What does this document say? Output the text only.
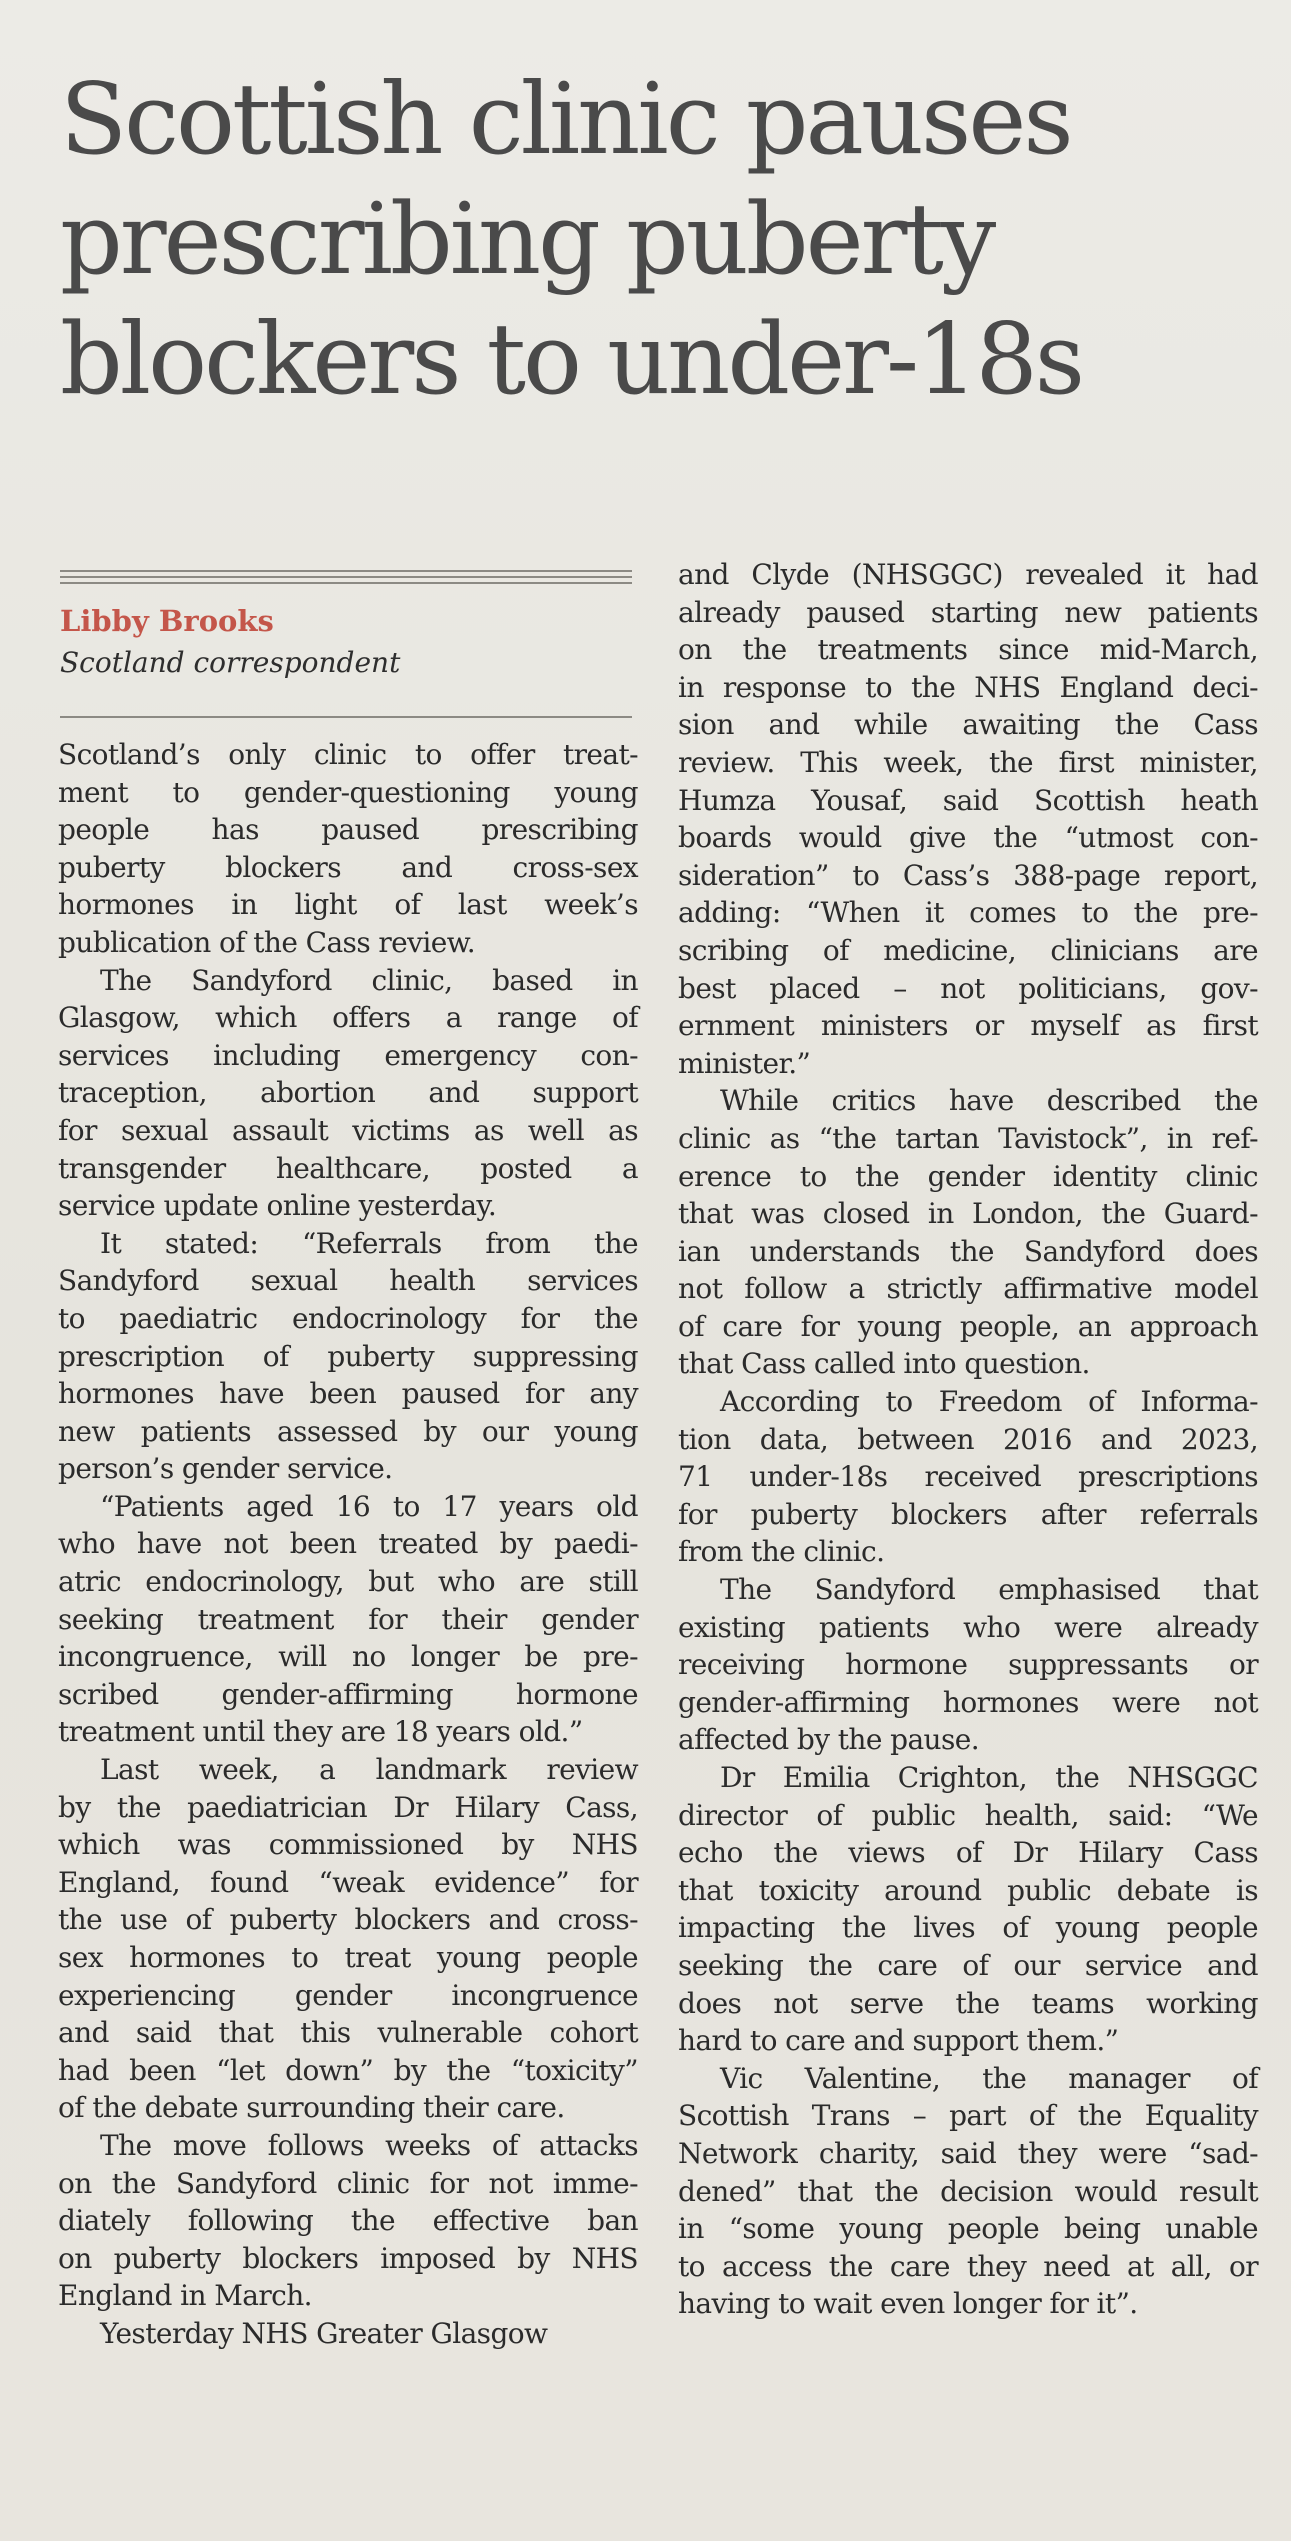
Scottish clinic pauses
prescribing puberty
blockers to under-18s
Libby Brooks
Scotland correspondent

Scotland’s only clinic to offer treat-
ment to gender-questioning young
people has paused prescribing
puberty blockers and cross-sex
hormones in light of last week’s
publication of the Cass review.

The Sandyford clinic, based in
Glasgow, which offers a range of
services including emergency con-
traception, abortion and support
for sexual assault victims as well as
transgender healthcare, posted a
service update online yesterday.

It stated: “Referrals from the
Sandyford sexual health services
to paediatric endocrinology for the
prescription of puberty suppressing
hormones have been paused for any
new patients assessed by our young
person’s gender service.

“Patients aged 16 to 17 years old
who have not been treated by paedi-
atric endocrinology, but who are still
seeking treatment for their gender
incongruence, will no longer be pre-
scribed gender-affirming hormone
treatment until they are 18 years old.”

Last week, a landmark review
by the paediatrician Dr Hilary Cass,
which was commissioned by NHS
England, found “weak evidence” for
the use of puberty blockers and cross-
sex hormones to treat young people
experiencing gender incongruence
and said that this vulnerable cohort
had been “let down” by the “toxicity”
of the debate surrounding their care.

The move follows weeks of attacks
on the Sandyford clinic for not imme-
diately following the effective ban
on puberty blockers imposed by NHS
England in March.

Yesterday NHS Greater Glasgow

and Clyde (NHSGGC) revealed it had
already paused starting new patients
on the treatments since mid-March,
in response to the NHS England deci-
sion and while awaiting the Cass
review. This week, the first minister,
Humza Yousaf, said Scottish heath
boards would give the “utmost con-
sideration” to Cass’s 388-page report,
adding: “When it comes to the pre-
scribing of medicine, clinicians are
best placed – not politicians, gov-
ernment ministers or myself as first
minister.”

While critics have described the
clinic as “the tartan Tavistock”, in ref-
erence to the gender identity clinic
that was closed in London, the Guard-
ian understands the Sandyford does
not follow a strictly affirmative model
of care for young people, an approach
that Cass called into question.

According to Freedom of Informa-
tion data, between 2016 and 2023,
71 under-18s received prescriptions
for puberty blockers after referrals
from the clinic.

The Sandyford emphasised that
existing patients who were already
receiving hormone suppressants or
gender-affirming hormones were not
affected by the pause.

Dr Emilia Crighton, the NHSGGC
director of public health, said: “We
echo the views of Dr Hilary Cass
that toxicity around public debate is
impacting the lives of young people
seeking the care of our service and
does not serve the teams working
hard to care and support them.”

Vic Valentine, the manager of
Scottish Trans – part of the Equality
Network charity, said they were “sad-
dened” that the decision would result
in “some young people being unable
to access the care they need at all, or
having to wait even longer for it”.
